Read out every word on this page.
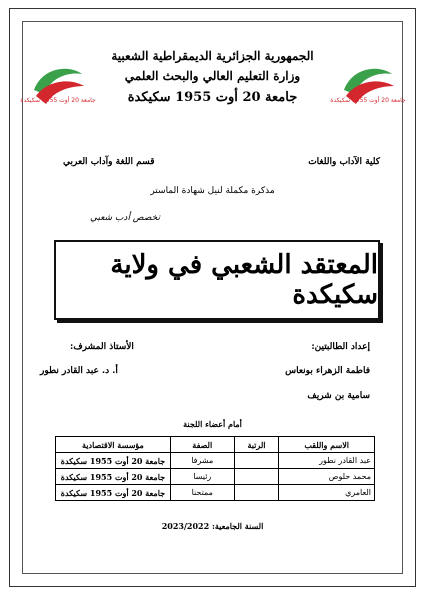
جامعة 20 أوت 1955 سكيكدة	جامعة 20 أوت 1955 سكيكدة
الجمهورية الجزائرية الديمقراطية الشعبية
وزارة التعليم العالي والبحث العلمي
جامعة 20 أوت 1955 سكيكدة
كلية الآداب واللغات
قسم اللغة وآداب العربي
مذكرة مكملة لنيل شهادة الماستر
تخصص أدب شعبي
المعتقد الشعبي في ولاية سكيكدة
إعداد الطالبتين:
فاطمة الزهراء بونعاس
سامية بن شريف
الأستاذ المشرف:
أ. د. عبد القادر نطور
أمام أعضاء اللجنة
الاسم واللقب	الرتبة	الصفة	مؤسسة الاقتصادية
عبد القادر نطور		مشرفا	جامعة 20 أوت 1955 سكيكدة
محمد حلوص		رئيسا	جامعة 20 أوت 1955 سكيكدة
العامري		ممتحنا	جامعة 20 أوت 1955 سكيكدة
السنة الجامعية: 2023/2022
